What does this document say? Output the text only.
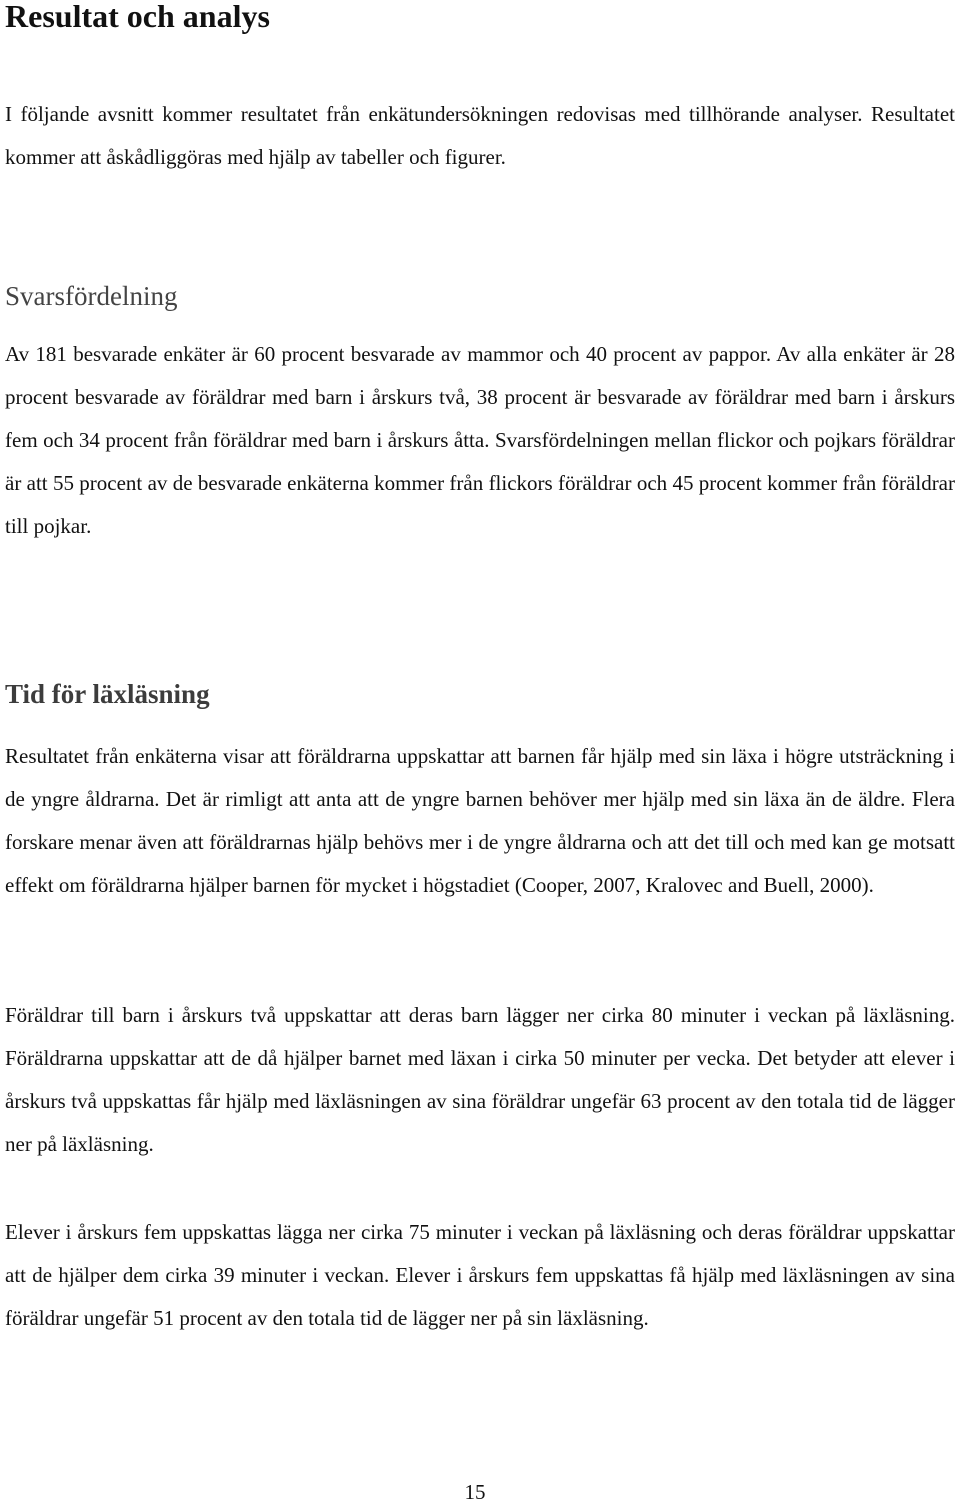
Resultat och analys

I följande avsnitt kommer resultatet från enkätundersökningen redovisas med tillhörande analyser. Resultatet kommer att åskådliggöras med hjälp av tabeller och figurer.

Svarsfördelning

Av 181 besvarade enkäter är 60 procent besvarade av mammor och 40 procent av pappor. Av alla enkäter är 28 procent besvarade av föräldrar med barn i årskurs två, 38 procent är besvarade av föräldrar med barn i årskurs fem och 34 procent från föräldrar med barn i årskurs åtta. Svarsfördelningen mellan flickor och pojkars föräldrar är att 55 procent av de besvarade enkäterna kommer från flickors föräldrar och 45 procent kommer från föräldrar till pojkar.

Tid för läxläsning

Resultatet från enkäterna visar att föräldrarna uppskattar att barnen får hjälp med sin läxa i högre utsträckning i de yngre åldrarna. Det är rimligt att anta att de yngre barnen behöver mer hjälp med sin läxa än de äldre. Flera forskare menar även att föräldrarnas hjälp behövs mer i de yngre åldrarna och att det till och med kan ge motsatt effekt om föräldrarna hjälper barnen för mycket i högstadiet (Cooper, 2007, Kralovec and Buell, 2000).

Föräldrar till barn i årskurs två uppskattar att deras barn lägger ner cirka 80 minuter i veckan på läxläsning. Föräldrarna uppskattar att de då hjälper barnet med läxan i cirka 50 minuter per vecka. Det betyder att elever i årskurs två uppskattas får hjälp med läxläsningen av sina föräldrar ungefär 63 procent av den totala tid de lägger ner på läxläsning.

Elever i årskurs fem uppskattas lägga ner cirka 75 minuter i veckan på läxläsning och deras föräldrar uppskattar att de hjälper dem cirka 39 minuter i veckan. Elever i årskurs fem uppskattas få hjälp med läxläsningen av sina föräldrar ungefär 51 procent av den totala tid de lägger ner på sin läxläsning.

15
